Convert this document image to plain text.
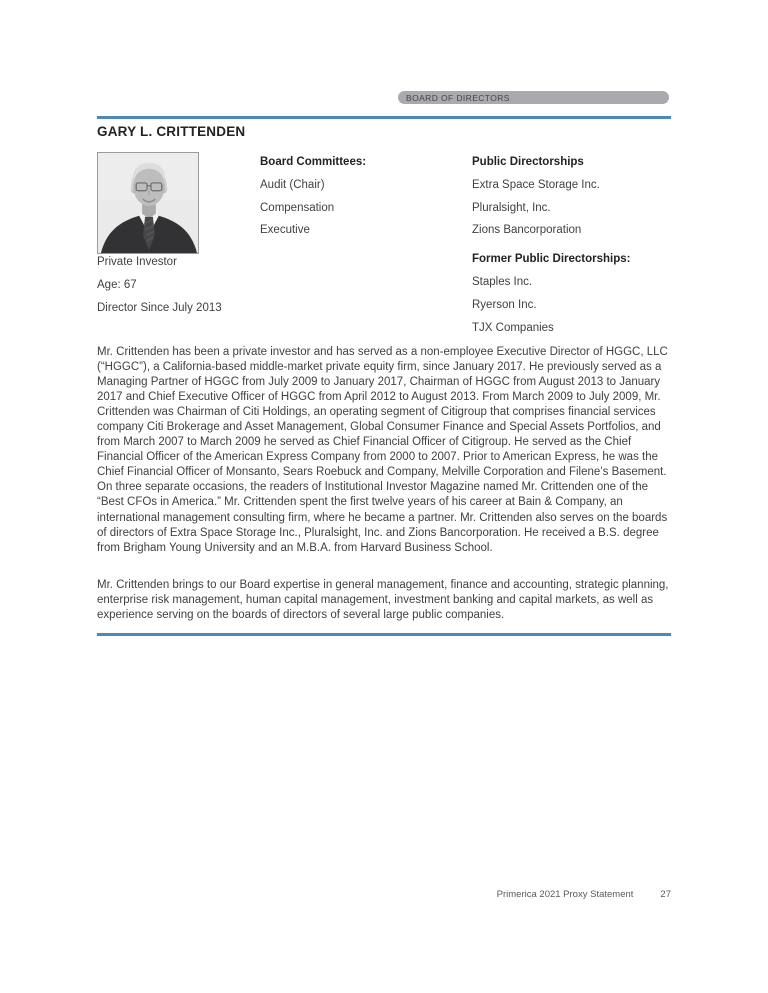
BOARD OF DIRECTORS
GARY L. CRITTENDEN
Private Investor
Age: 67
Director Since July 2013
Board Committees:
Audit (Chair)
Compensation
Executive
Public Directorships
Extra Space Storage Inc.
Pluralsight, Inc.
Zions Bancorporation
Former Public Directorships:
Staples Inc.
Ryerson Inc.
TJX Companies

Mr. Crittenden has been a private investor and has served as a non-employee Executive Director of HGGC, LLC (“HGGC”), a California-based middle-market private equity firm, since January 2017. He previously served as a Managing Partner of HGGC from July 2009 to January 2017, Chairman of HGGC from August 2013 to January 2017 and Chief Executive Officer of HGGC from April 2012 to August 2013. From March 2009 to July 2009, Mr. Crittenden was Chairman of Citi Holdings, an operating segment of Citigroup that comprises financial services company Citi Brokerage and Asset Management, Global Consumer Finance and Special Assets Portfolios, and from March 2007 to March 2009 he served as Chief Financial Officer of Citigroup. He served as the Chief Financial Officer of the American Express Company from 2000 to 2007. Prior to American Express, he was the Chief Financial Officer of Monsanto, Sears Roebuck and Company, Melville Corporation and Filene’s Basement. On three separate occasions, the readers of Institutional Investor Magazine named Mr. Crittenden one of the “Best CFOs in America.” Mr. Crittenden spent the first twelve years of his career at Bain & Company, an international management consulting firm, where he became a partner. Mr. Crittenden also serves on the boards of directors of Extra Space Storage Inc., Pluralsight, Inc. and Zions Bancorporation. He received a B.S. degree from Brigham Young University and an M.B.A. from Harvard Business School.

Mr. Crittenden brings to our Board expertise in general management, finance and accounting, strategic planning, enterprise risk management, human capital management, investment banking and capital markets, as well as experience serving on the boards of directors of several large public companies.

Primerica 2021 Proxy Statement	27
